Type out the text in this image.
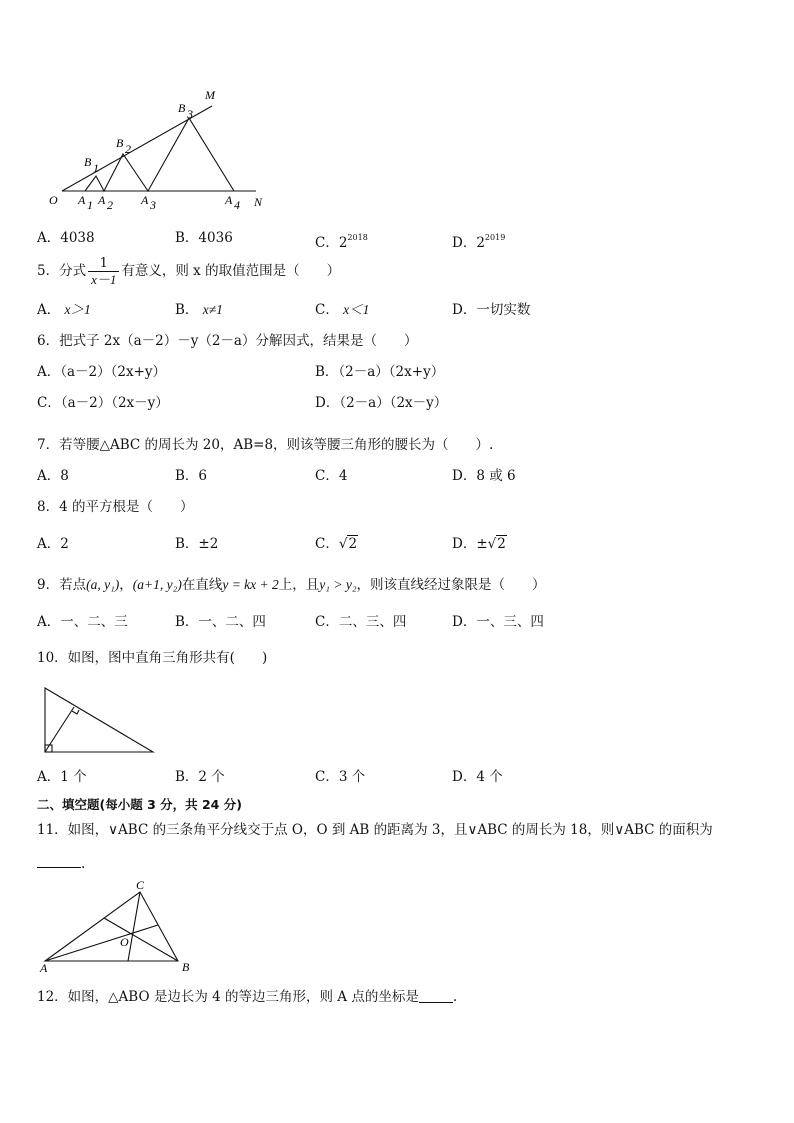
M
B 3
B 2
B 1
O A 1 A 2 A 3	A 4 N
A．4038	B．4036	C．$2^{2018}$	D．$2^{2019}$
5．分式 $\frac{1}{x-1}$ 有意义，则 x 的取值范围是（　　）
A． x＞1	B． x≠1	C． x＜1	D．一切实数
6．把式子 2x（a－2）－y（2－a）分解因式，结果是（　　）
A．（a－2）（2x+y）	B．（2－a）（2x+y）
C．（a－2）（2x－y）	D．（2－a）（2x－y）
7．若等腰△ABC 的周长为 20，AB=8，则该等腰三角形的腰长为（　　）.
A．8	B．6	C．4	D．8 或 6
8．4 的平方根是（　　）
A．2	B．±2	C．√2	D．±√2
9．若点(a, y₁)，(a+1, y₂)在直线y = kx + 2上，且y₁ > y₂，则该直线经过象限是（　　）
A．一、二、三	B．一、二、四	C．二、三、四	D．一、三、四
10．如图，图中直角三角形共有(　　)
A．1 个	B．2 个	C．3 个	D．4 个
二、填空题(每小题 3 分，共 24 分)
11．如图，∨ABC 的三条角平分线交于点 O，O 到 AB 的距离为 3，且∨ABC 的周长为 18，则∨ABC 的面积为
.
C
O
A	B
12．如图，△ABO 是边长为 4 的等边三角形，则 A 点的坐标是	.
